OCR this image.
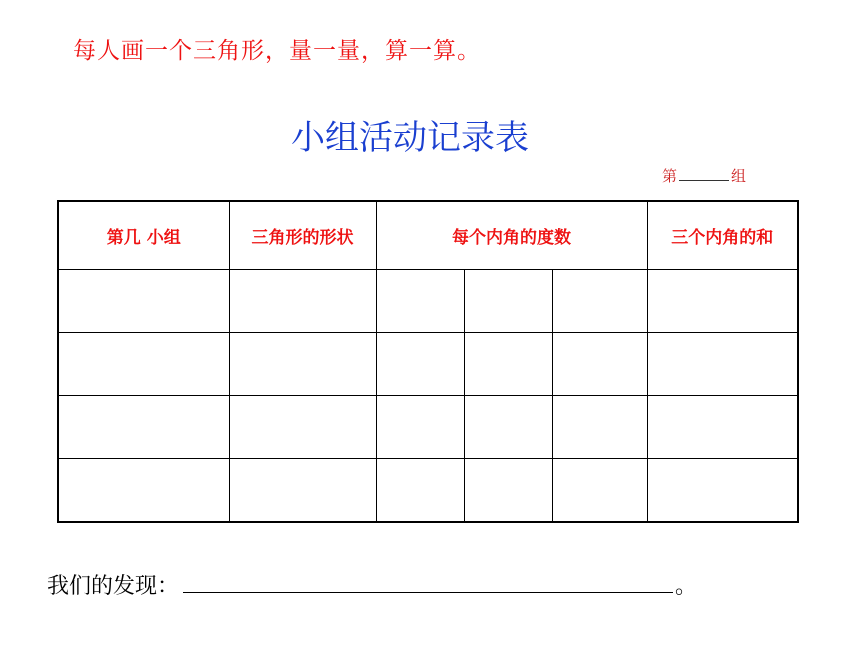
每人画一个三角形，量一量，算一算。
小组活动记录表
第	组
第几 小组	三角形的形状	每个内角的度数			三个内角的和

我们的发现：	。
